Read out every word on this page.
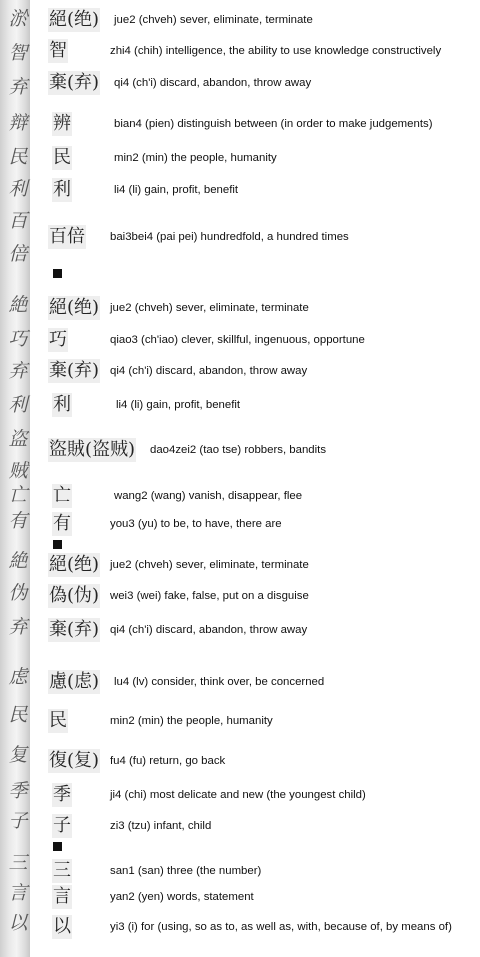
淤
智
弃
辩
民
利
百
倍
絶
巧
弃
利
盗
贼
亡
有
絶
伪
弃
虑
民
复
季
子
三
言
以
絕(绝) jue2 (chveh) sever, eliminate, terminate
智	zhi4 (chih) intelligence, the ability to use knowledge constructively
棄(弃) qi4 (ch'i) discard, abandon, throw away
辨	bian4 (pien) distinguish between (in order to make judgements)
民	min2 (min) the people, humanity
利	li4 (li) gain, profit, benefit
百倍 bai3bei4 (pai pei) hundredfold, a hundred times
絕(绝) jue2 (chveh) sever, eliminate, terminate
巧	qiao3 (ch'iao) clever, skillful, ingenuous, opportune
棄(弃) qi4 (ch'i) discard, abandon, throw away
利	li4 (li) gain, profit, benefit
盜賊(盗贼) dao4zei2 (tao tse) robbers, bandits
亡	wang2 (wang) vanish, disappear, flee
有	you3 (yu) to be, to have, there are
絕(绝) jue2 (chveh) sever, eliminate, terminate
偽(伪) wei3 (wei) fake, false, put on a disguise
棄(弃) qi4 (ch'i) discard, abandon, throw away
慮(虑) lu4 (lv) consider, think over, be concerned
民	min2 (min) the people, humanity
復(复) fu4 (fu) return, go back
季	ji4 (chi) most delicate and new (the youngest child)
子	zi3 (tzu) infant, child
三	san1 (san) three (the number)
言	yan2 (yen) words, statement
以	yi3 (i) for (using, so as to, as well as, with, because of, by means of)
